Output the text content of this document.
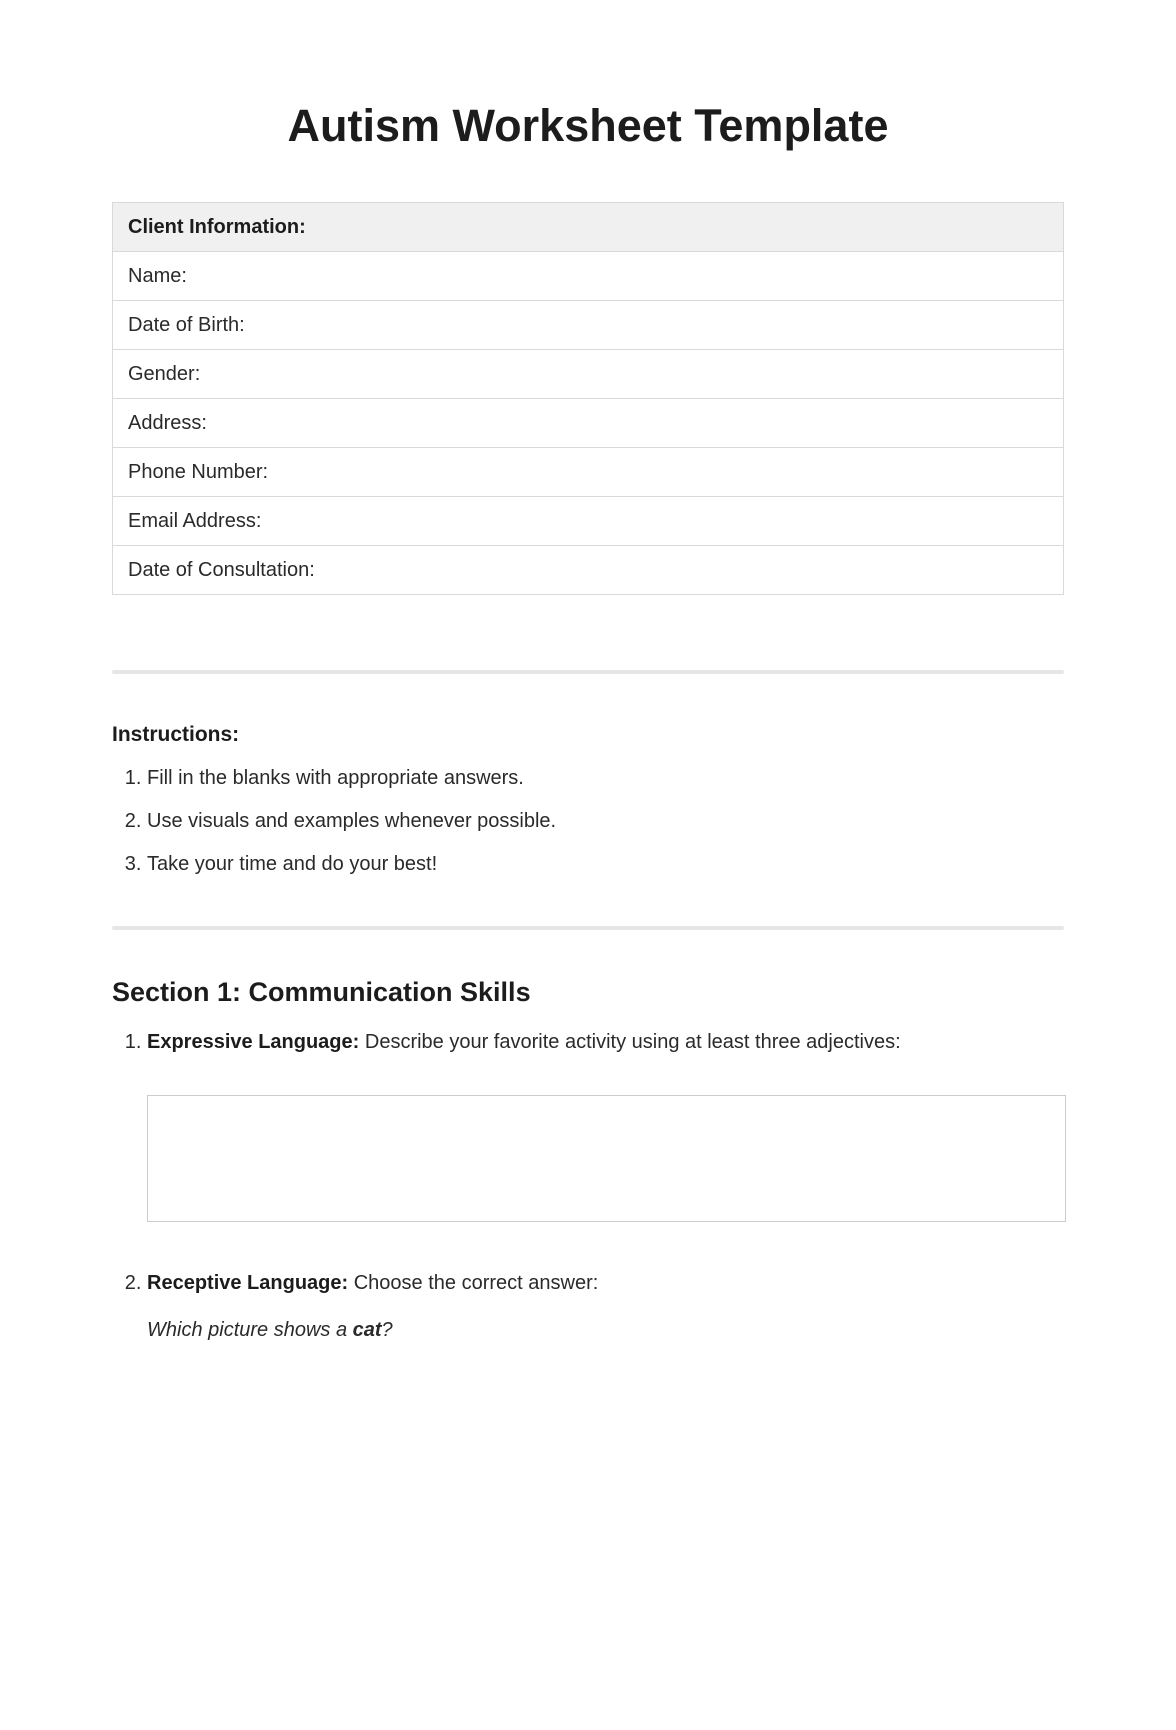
Autism Worksheet Template
Client Information:
Name:
Date of Birth:
Gender:
Address:
Phone Number:
Email Address:
Date of Consultation:
Instructions:
1. Fill in the blanks with appropriate answers.
2. Use visuals and examples whenever possible.
3. Take your time and do your best!
Section 1: Communication Skills
1. Expressive Language: Describe your favorite activity using at least three adjectives:
2. Receptive Language: Choose the correct answer:
Which picture shows a cat?
